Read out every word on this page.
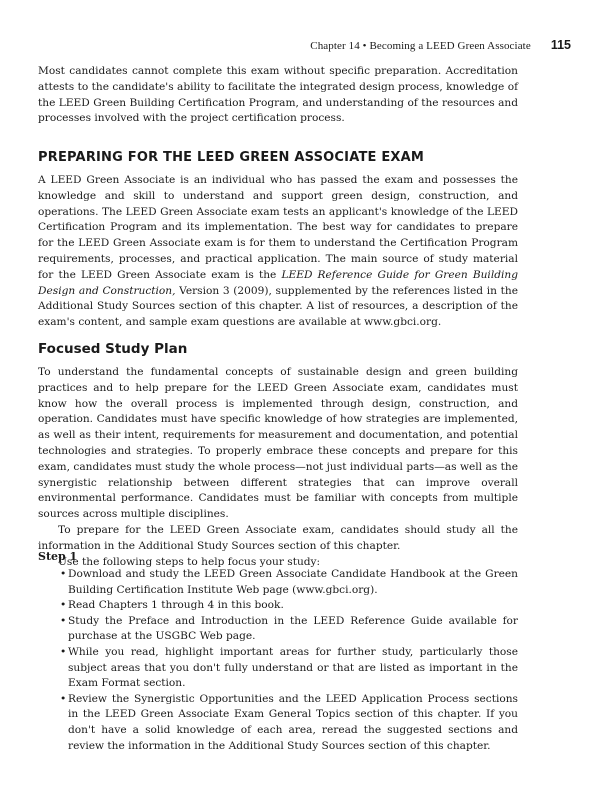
Chapter 14 • Becoming a LEED Green Associate 115

Most candidates cannot complete this exam without specific preparation. Accreditation attests to the candidate's ability to facilitate the integrated design process, knowledge of the LEED Green Building Certification Program, and understanding of the resources and processes involved with the project certification process.

PREPARING FOR THE LEED GREEN ASSOCIATE EXAM

A LEED Green Associate is an individual who has passed the exam and possesses the knowledge and skill to understand and support green design, construction, and operations. The LEED Green Associate exam tests an applicant's knowledge of the LEED Certification Program and its implementation. The best way for candidates to prepare for the LEED Green Associate exam is for them to understand the Certification Program requirements, processes, and practical application. The main source of study material for the LEED Green Associate exam is the LEED Reference Guide for Green Building Design and Construction, Version 3 (2009), supplemented by the references listed in the Additional Study Sources section of this chapter. A list of resources, a description of the exam's content, and sample exam questions are available at www.gbci.org.

Focused Study Plan

To understand the fundamental concepts of sustainable design and green building practices and to help prepare for the LEED Green Associate exam, candidates must know how the overall process is implemented through design, construction, and operation. Candidates must have specific knowledge of how strategies are implemented, as well as their intent, requirements for measurement and documentation, and potential technologies and strategies. To properly embrace these concepts and prepare for this exam, candidates must study the whole process—not just individual parts—as well as the synergistic relationship between different strategies that can improve overall environmental performance. Candidates must be familiar with concepts from multiple sources across multiple disciplines.

To prepare for the LEED Green Associate exam, candidates should study all the information in the Additional Study Sources section of this chapter.

Use the following steps to help focus your study:

Step 1
• Download and study the LEED Green Associate Candidate Handbook at the Green Building Certification Institute Web page (www.gbci.org).
• Read Chapters 1 through 4 in this book.
• Study the Preface and Introduction in the LEED Reference Guide available for purchase at the USGBC Web page.
• While you read, highlight important areas for further study, particularly those subject areas that you don't fully understand or that are listed as important in the Exam Format section.
• Review the Synergistic Opportunities and the LEED Application Process sections in the LEED Green Associate Exam General Topics section of this chapter. If you don't have a solid knowledge of each area, reread the suggested sections and review the information in the Additional Study Sources section of this chapter.
